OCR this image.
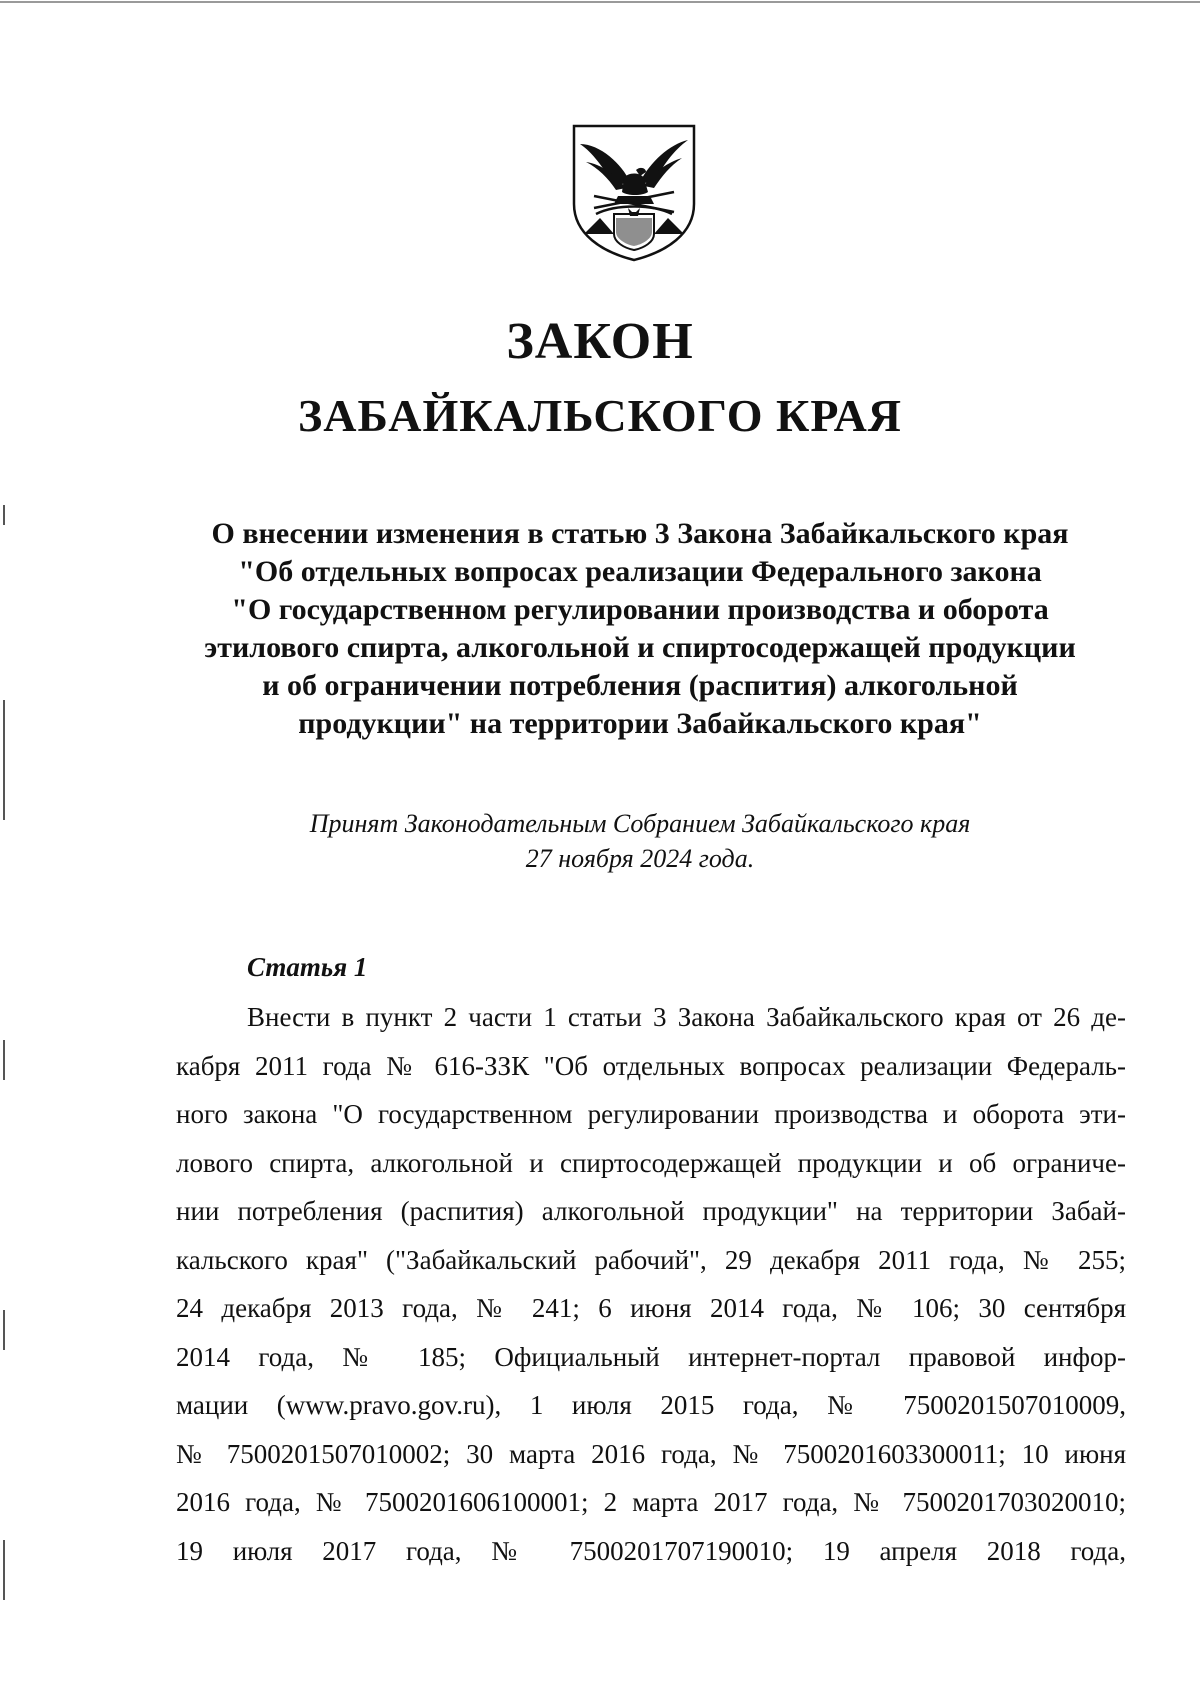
ЗАКОН
ЗАБАЙКАЛЬСКОГО КРАЯ
О внесении изменения в статью 3 Закона Забайкальского края
"Об отдельных вопросах реализации Федерального закона
"О государственном регулировании производства и оборота
этилового спирта, алкогольной и спиртосодержащей продукции
и об ограничении потребления (распития) алкогольной
продукции" на территории Забайкальского края"
Принят Законодательным Собранием Забайкальского края
27 ноября 2024 года.
Статья 1
Внести в пункт 2 части 1 статьи 3 Закона Забайкальского края от 26 де-
кабря 2011 года № 616-ЗЗК "Об отдельных вопросах реализации Федераль-
ного закона "О государственном регулировании производства и оборота эти-
лового спирта, алкогольной и спиртосодержащей продукции и об ограниче-
нии потребления (распития) алкогольной продукции" на территории Забай-
кальского края" ("Забайкальский рабочий", 29 декабря 2011 года, № 255;
24 декабря 2013 года, № 241; 6 июня 2014 года, № 106; 30 сентября
2014 года, № 185; Официальный интернет-портал правовой инфор-
мации (www.pravo.gov.ru), 1 июля 2015 года, № 7500201507010009,
№ 7500201507010002; 30 марта 2016 года, № 7500201603300011; 10 июня
2016 года, № 7500201606100001; 2 марта 2017 года, № 7500201703020010;
19 июля 2017 года, № 7500201707190010; 19 апреля 2018 года,
